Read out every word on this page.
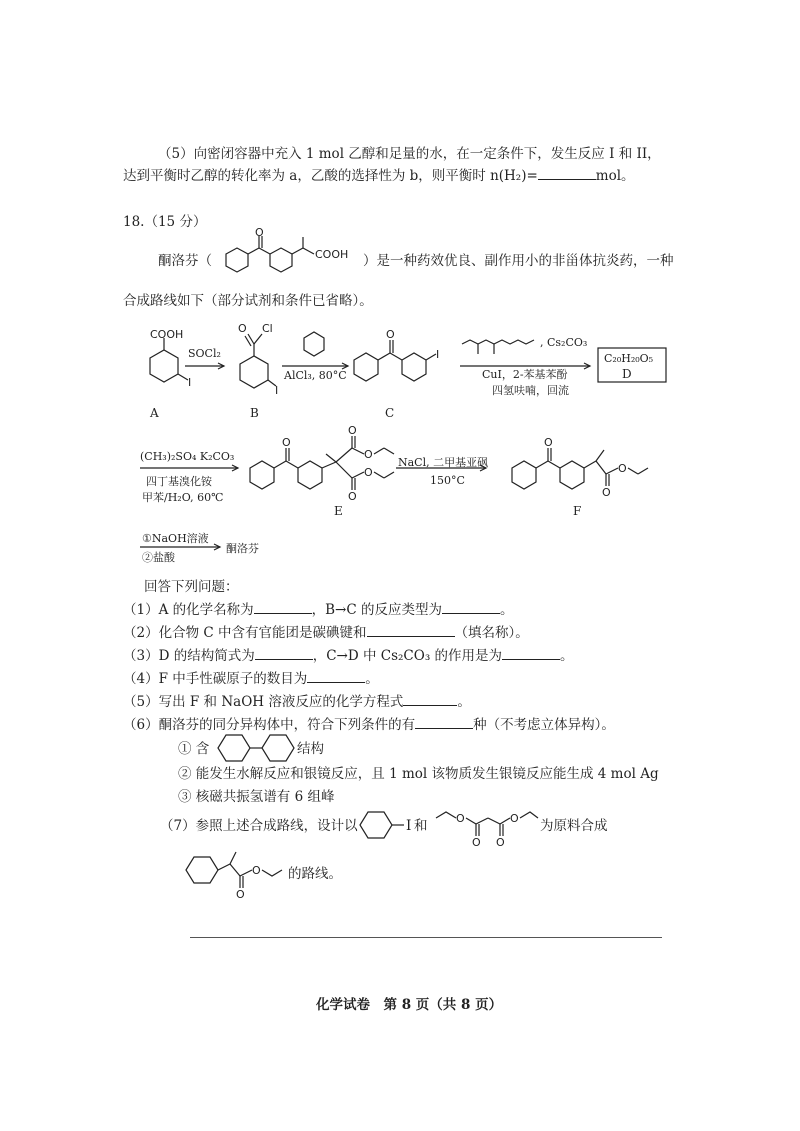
（5）向密闭容器中充入 1 mol 乙醇和足量的水，在一定条件下，发生反应 I 和 II，
达到平衡时乙醇的转化率为 a，乙酸的选择性为 b，则平衡时 n(H₂)=	mol。
18.（15 分）
酮洛芬（
O
COOH ）是一种药效优良、副作用小的非甾体抗炎药，一种
合成路线如下（部分试剂和条件已省略）。
COOH
I
O Cl
I
O
I
SOCl₂
AlCl₃, 80°C
, Cs₂CO₃
CuI，2-苯基苯酚
四氢呋喃，回流
C₂₀H₂₀O₅
D
A	B	C
O
O
O
O
O
O
O
O
(CH₃)₂SO₄ K₂CO₃
四丁基溴化铵
甲苯/H₂O, 60℃
NaCl, 二甲基亚砜
150°C
E	F
①NaOH溶液
②盐酸
酮洛芬
回答下列问题：
（1）A 的化学名称为	，B→C 的反应类型为	。
（2）化合物 C 中含有官能团是碳碘键和	（填名称）。
（3）D 的结构简式为	，C→D 中 Cs₂CO₃ 的作用是为	。
（4）F 中手性碳原子的数目为	。
（5）写出 F 和 NaOH 溶液反应的化学方程式	。
（6）酮洛芬的同分异构体中，符合下列条件的有	种（不考虑立体异构）。
① 含	结构
② 能发生水解反应和银镜反应，且 1 mol 该物质发生银镜反应能生成 4 mol Ag
③ 核磁共振氢谱有 6 组峰
（7）参照上述合成路线，设计以	I 和	O
O O
O 为原料合成
O
O 的路线。
化学试卷　第 8 页（共 8 页）
